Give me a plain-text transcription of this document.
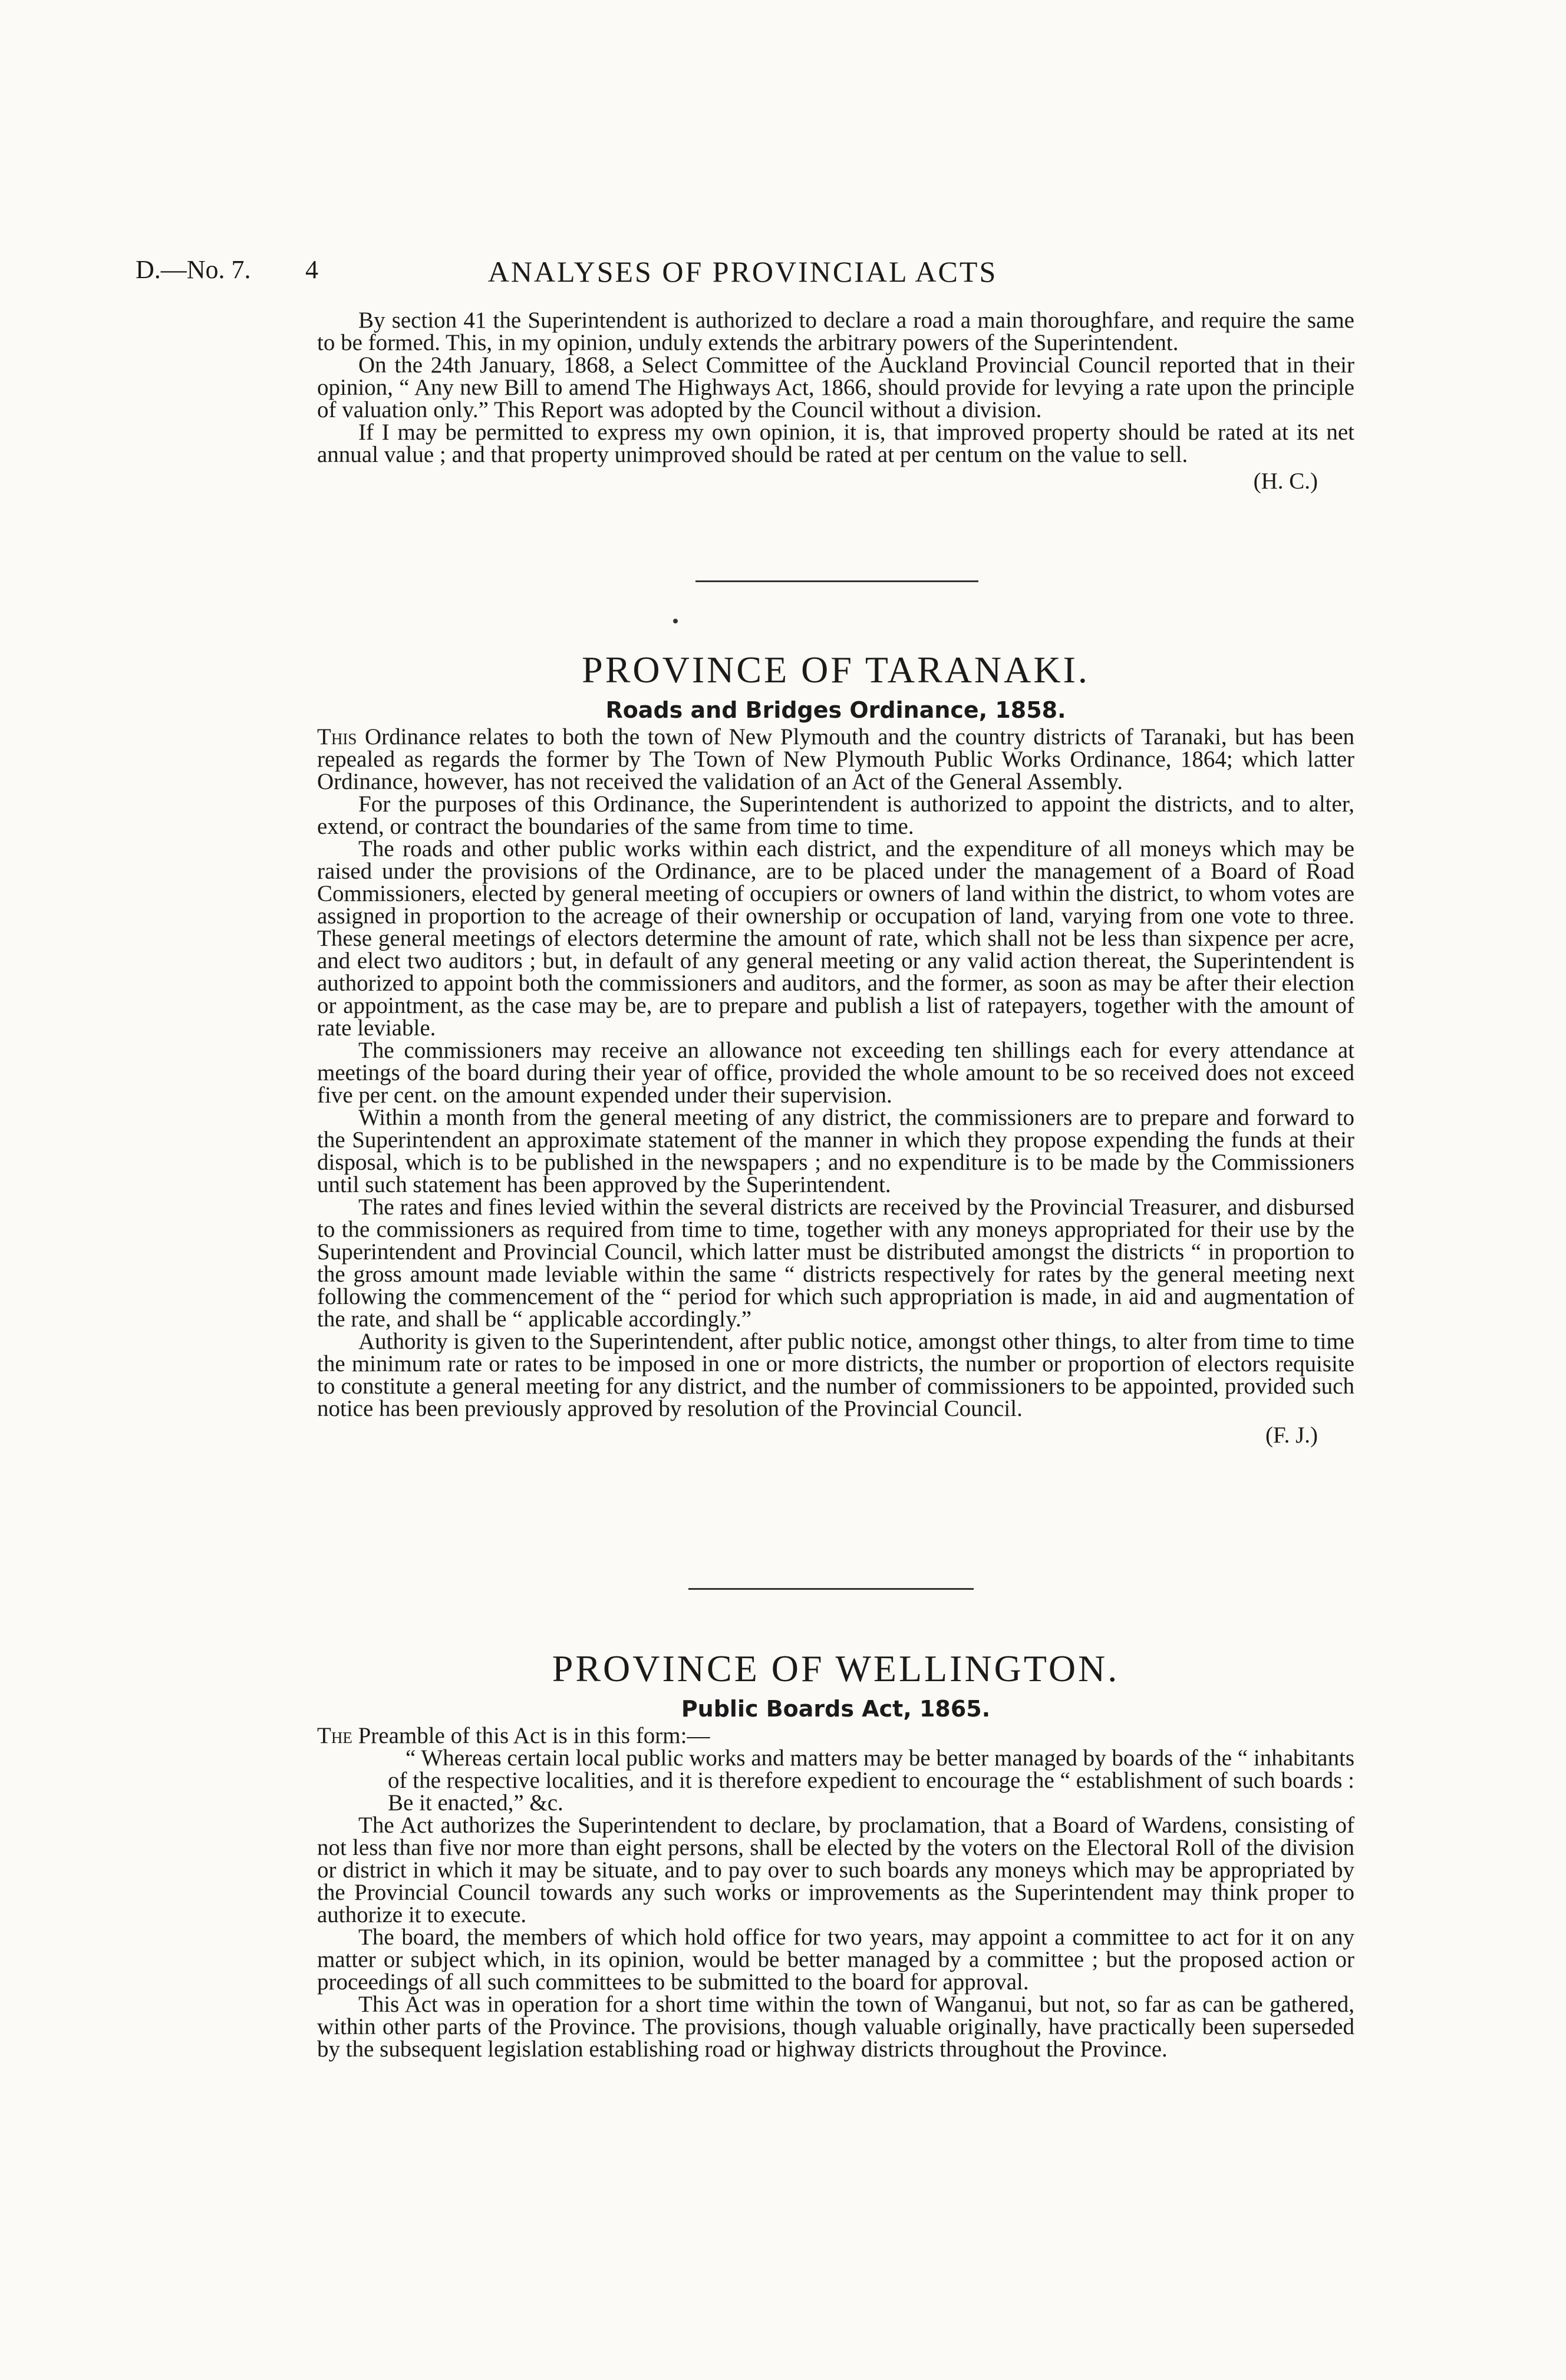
D.—No. 7. 4	ANALYSES OF PROVINCIAL ACTS

By section 41 the Superintendent is authorized to declare a road a main thoroughfare, and require the same to be formed. This, in my opinion, unduly extends the arbitrary powers of the Superintendent.

On the 24th January, 1868, a Select Committee of the Auckland Provincial Council reported that in their opinion, “ Any new Bill to amend The Highways Act, 1866, should provide for levying a rate upon the principle of valuation only.” This Report was adopted by the Council without a division.

If I may be permitted to express my own opinion, it is, that improved property should be rated at its net annual value ; and that property unimproved should be rated at per centum on the value to sell.

(H. C.)
PROVINCE OF TARANAKI.
Roads and Bridges Ordinance, 1858.

This Ordinance relates to both the town of New Plymouth and the country districts of Taranaki, but has been repealed as regards the former by The Town of New Plymouth Public Works Ordinance, 1864; which latter Ordinance, however, has not received the validation of an Act of the General Assembly.

For the purposes of this Ordinance, the Superintendent is authorized to appoint the districts, and to alter, extend, or contract the boundaries of the same from time to time.

The roads and other public works within each district, and the expenditure of all moneys which may be raised under the provisions of the Ordinance, are to be placed under the management of a Board of Road Commissioners, elected by general meeting of occupiers or owners of land within the district, to whom votes are assigned in proportion to the acreage of their ownership or occupation of land, varying from one vote to three. These general meetings of electors determine the amount of rate, which shall not be less than sixpence per acre, and elect two auditors ; but, in default of any general meeting or any valid action thereat, the Superintendent is authorized to appoint both the commissioners and auditors, and the former, as soon as may be after their election or appointment, as the case may be, are to prepare and publish a list of ratepayers, together with the amount of rate leviable.

The commissioners may receive an allowance not exceeding ten shillings each for every attendance at meetings of the board during their year of office, provided the whole amount to be so received does not exceed five per cent. on the amount expended under their supervision.

Within a month from the general meeting of any district, the commissioners are to prepare and forward to the Superintendent an approximate statement of the manner in which they propose expending the funds at their disposal, which is to be published in the newspapers ; and no expenditure is to be made by the Commissioners until such statement has been approved by the Superintendent.

The rates and fines levied within the several districts are received by the Provincial Treasurer, and disbursed to the commissioners as required from time to time, together with any moneys appropriated for their use by the Superintendent and Provincial Council, which latter must be distributed amongst the districts “ in proportion to the gross amount made leviable within the same “ districts respectively for rates by the general meeting next following the commencement of the “ period for which such appropriation is made, in aid and augmentation of the rate, and shall be “ applicable accordingly.”

Authority is given to the Superintendent, after public notice, amongst other things, to alter from time to time the minimum rate or rates to be imposed in one or more districts, the number or proportion of electors requisite to constitute a general meeting for any district, and the number of commissioners to be appointed, provided such notice has been previously approved by resolution of the Provincial Council.

(F. J.)
PROVINCE OF WELLINGTON.
Public Boards Act, 1865.

The Preamble of this Act is in this form:—

“ Whereas certain local public works and matters may be better managed by boards of the “ inhabitants of the respective localities, and it is therefore expedient to encourage the “ establishment of such boards : Be it enacted,” &c.

The Act authorizes the Superintendent to declare, by proclamation, that a Board of Wardens, consisting of not less than five nor more than eight persons, shall be elected by the voters on the Electoral Roll of the division or district in which it may be situate, and to pay over to such boards any moneys which may be appropriated by the Provincial Council towards any such works or improvements as the Superintendent may think proper to authorize it to execute.

The board, the members of which hold office for two years, may appoint a committee to act for it on any matter or subject which, in its opinion, would be better managed by a committee ; but the proposed action or proceedings of all such committees to be submitted to the board for approval.

This Act was in operation for a short time within the town of Wanganui, but not, so far as can be gathered, within other parts of the Province. The provisions, though valuable originally, have practically been superseded by the subsequent legislation establishing road or highway districts throughout the Province.
